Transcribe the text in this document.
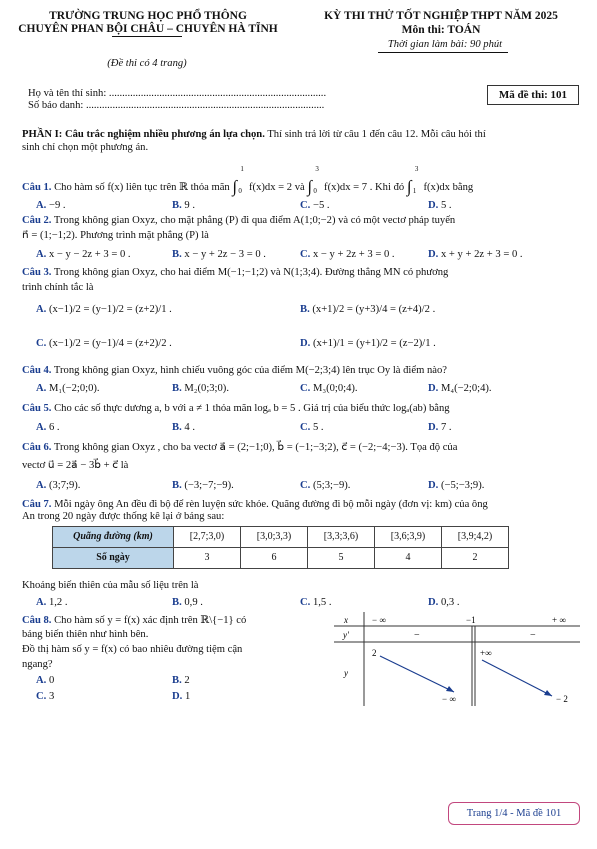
TRƯỜNG TRUNG HỌC PHỔ THÔNG
CHUYÊN PHAN BỘI CHÂU – CHUYÊN HÀ TĨNH
(Đề thi có 4 trang)
KỲ THI THỬ TỐT NGHIỆP THPT NĂM 2025
Môn thi: TOÁN
Thời gian làm bài: 90 phút
Họ và tên thí sinh: ..................................................................................
Số báo danh: ..........................................................................................
Mã đề thi: 101
PHẦN I: Câu trắc nghiệm nhiều phương án lựa chọn. Thí sinh trả lời từ câu 1 đến câu 12. Mỗi câu hỏi thí
sinh chỉ chọn một phương án.
Câu 1. Cho hàm số f(x) liên tục trên ℝ thỏa mãn ∫
1
0 f(x)dx = 2 và ∫
3
0 f(x)dx = 7 . Khi đó ∫
3
1 f(x)dx bằng
A. −9 .	B. 9 .	C. −5 .	D. 5 .
Câu 2. Trong không gian Oxyz, cho mặt phẳng (P) đi qua điểm A(1;0;−2) và có một vectơ pháp tuyến
n⃗ = (1;−1;2). Phương trình mặt phẳng (P) là
A. x − y − 2z + 3 = 0 .	B. x − y + 2z − 3 = 0 .	C. x − y + 2z + 3 = 0 .	D. x + y + 2z + 3 = 0 .
Câu 3. Trong không gian Oxyz, cho hai điểm M(−1;−1;2) và N(1;3;4). Đường thẳng MN có phương
trình chính tắc là
A. (x−1)/2 = (y−1)/2 = (z+2)/1 .	B. (x+1)/2 = (y+3)/4 = (z+4)/2 .
C. (x−1)/2 = (y−1)/4 = (z+2)/2 .	D. (x+1)/1 = (y+1)/2 = (z−2)/1 .
Câu 4. Trong không gian Oxyz, hình chiếu vuông góc của điểm M(−2;3;4) lên trục Oy là điểm nào?
A. M₁(−2;0;0).	B. M₂(0;3;0).	C. M₃(0;0;4).	D. M₄(−2;0;4).
Câu 5. Cho các số thực dương a, b với a ≠ 1 thỏa mãn logₐ b = 5 . Giá trị của biểu thức logₐ(ab) bằng
A. 6 .	B. 4 .	C. 5 .	D. 7 .
Câu 6. Trong không gian Oxyz , cho ba vectơ a⃗ = (2;−1;0), b⃗ = (−1;−3;2), c⃗ = (−2;−4;−3). Tọa độ của
vectơ u⃗ = 2a⃗ − 3b⃗ + c⃗ là
A. (3;7;9).	B. (−3;−7;−9).	C. (5;3;−9).	D. (−5;−3;9).
Câu 7. Mỗi ngày ông An đều đi bộ để rèn luyện sức khỏe. Quãng đường đi bộ mỗi ngày (đơn vị: km) của ông
An trong 20 ngày được thống kê lại ở bảng sau:
Quãng đường (km)	[2,7;3,0)	[3,0;3,3)	[3,3;3,6)	[3,6;3,9)	[3,9;4,2)
Số ngày	3	6	5	4	2
Khoảng biến thiên của mẫu số liệu trên là
A. 1,2 .	B. 0,9 .	C. 1,5 .	D. 0,3 .
Câu 8. Cho hàm số y = f(x) xác định trên ℝ\{−1} có
bảng biến thiên như hình bên.
Đồ thị hàm số y = f(x) có bao nhiêu đường tiệm cận
ngang?
A. 0	B. 2
C. 3	D. 1
x
y'
y
− ∞	−1	+ ∞
−	−
2	+∞
− ∞	− 2
Trang 1/4 - Mã đề 101
